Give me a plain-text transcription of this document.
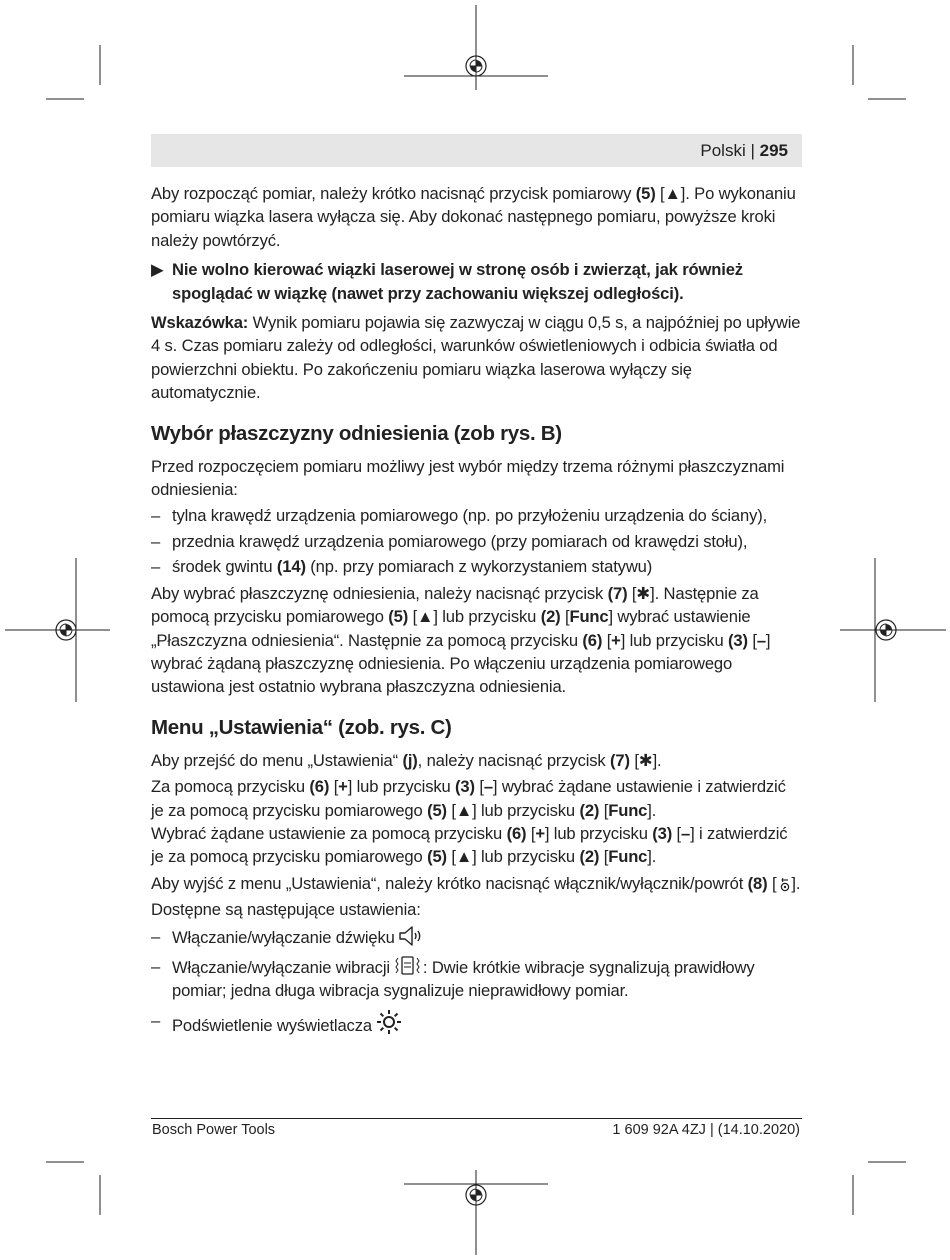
Polski | 295

Aby rozpocząć pomiar, należy krótko nacisnąć przycisk pomiarowy (5) [▲]. Po wykonaniu pomiaru wiązka lasera wyłącza się. Aby dokonać następnego pomiaru, powyższe kroki należy powtórzyć.

▶ Nie wolno kierować wiązki laserowej w stronę osób i zwierząt, jak również spoglądać w wiązkę (nawet przy zachowaniu większej odległości).

Wskazówka: Wynik pomiaru pojawia się zazwyczaj w ciągu 0,5 s, a najpóźniej po upływie 4 s. Czas pomiaru zależy od odległości, warunków oświetleniowych i odbicia światła od powierzchni obiektu. Po zakończeniu pomiaru wiązka laserowa wyłączy się automatycznie.

Wybór płaszczyzny odniesienia (zob rys. B)

Przed rozpoczęciem pomiaru możliwy jest wybór między trzema różnymi płaszczyznami odniesienia:

– tylna krawędź urządzenia pomiarowego (np. po przyłożeniu urządzenia do ściany),
– przednia krawędź urządzenia pomiarowego (przy pomiarach od krawędzi stołu),
– środek gwintu (14) (np. przy pomiarach z wykorzystaniem statywu)

Aby wybrać płaszczyznę odniesienia, należy nacisnąć przycisk (7) [✱]. Następnie za pomocą przycisku pomiarowego (5) [▲] lub przycisku (2) [Func] wybrać ustawienie „Płaszczyzna odniesienia“. Następnie za pomocą przycisku (6) [+] lub przycisku (3) [–] wybrać żądaną płaszczyznę odniesienia. Po włączeniu urządzenia pomiarowego ustawiona jest ostatnio wybrana płaszczyzna odniesienia.

Menu „Ustawienia“ (zob. rys. C)

Aby przejść do menu „Ustawienia“ (j), należy nacisnąć przycisk (7) [✱].

Za pomocą przycisku (6) [+] lub przycisku (3) [–] wybrać żądane ustawienie i zatwierdzić je za pomocą przycisku pomiarowego (5) [▲] lub przycisku (2) [Func].
Wybrać żądane ustawienie za pomocą przycisku (6) [+] lub przycisku (3) [–] i zatwierdzić je za pomocą przycisku pomiarowego (5) [▲] lub przycisku (2) [Func].

Aby wyjść z menu „Ustawienia“, należy krótko nacisnąć włącznik/wyłącznik/powrót (8) [ ].

Dostępne są następujące ustawienia:

– Włączanie/wyłączanie dźwięku
– Włączanie/wyłączanie wibracji : Dwie krótkie wibracje sygnalizują prawidłowy pomiar; jedna długa wibracja sygnalizuje nieprawidłowy pomiar.
– Podświetlenie wyświetlacza
Bosch Power Tools	1 609 92A 4ZJ | (14.10.2020)
